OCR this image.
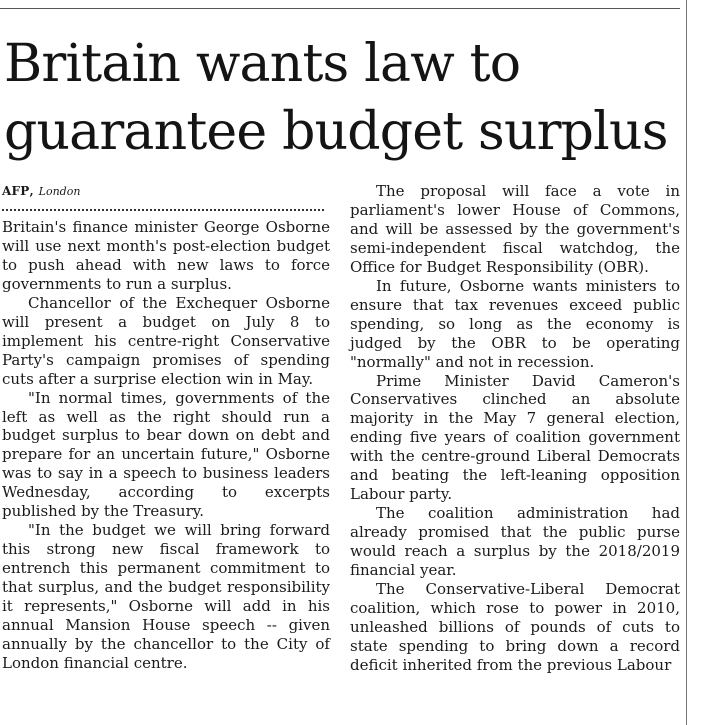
Britain wants law to
guarantee budget surplus
AFP, London

Britain's finance minister George Osborne will use next month's post-election budget to push ahead with new laws to force governments to run a surplus.

Chancellor of the Exchequer Osborne will present a budget on July 8 to implement his centre-right Conservative Party's campaign promises of spending cuts after a surprise election win in May.

"In normal times, governments of the left as well as the right should run a budget surplus to bear down on debt and prepare for an uncertain future," Osborne was to say in a speech to business leaders Wednesday, according to excerpts published by the Treasury.

"In the budget we will bring forward this strong new fiscal framework to entrench this permanent commitment to that surplus, and the budget responsibility it represents," Osborne will add in his annual Mansion House speech -- given annually by the chancellor to the City of London financial centre.

The proposal will face a vote in parliament's lower House of Commons, and will be assessed by the government's semi-independent fiscal watchdog, the Office for Budget Responsibility (OBR).

In future, Osborne wants ministers to ensure that tax revenues exceed public spending, so long as the economy is judged by the OBR to be operating "normally" and not in recession.

Prime Minister David Cameron's Conservatives clinched an absolute majority in the May 7 general election, ending five years of coalition government with the centre-ground Liberal Democrats and beating the left-leaning opposition Labour party.

The coalition administration had already promised that the public purse would reach a surplus by the 2018/2019 financial year.

The Conservative-Liberal Democrat coalition, which rose to power in 2010, unleashed billions of pounds of cuts to state spending to bring down a record deficit inherited from the previous Labour
